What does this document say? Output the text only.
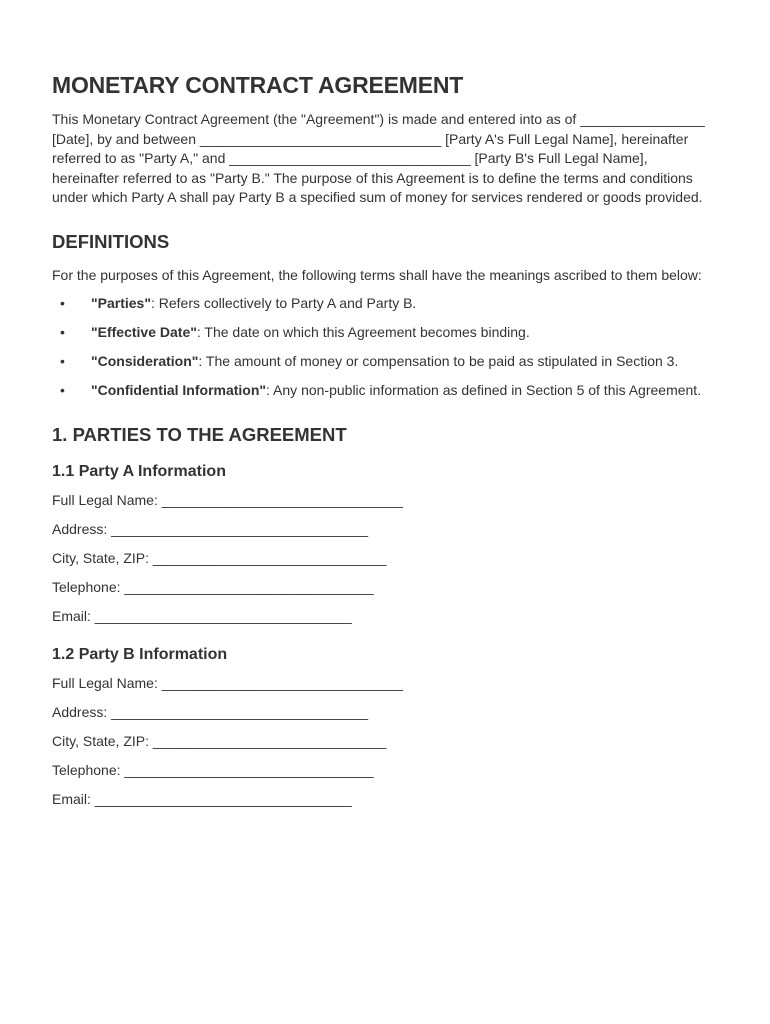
MONETARY CONTRACT AGREEMENT

This Monetary Contract Agreement (the "Agreement") is made and entered into as of ________________ [Date], by and between _______________________________ [Party A's Full Legal Name], hereinafter referred to as "Party A," and _______________________________ [Party B's Full Legal Name], hereinafter referred to as "Party B." The purpose of this Agreement is to define the terms and conditions under which Party A shall pay Party B a specified sum of money for services rendered or goods provided.

DEFINITIONS

For the purposes of this Agreement, the following terms shall have the meanings ascribed to them below:

• "Parties": Refers collectively to Party A and Party B.
• "Effective Date": The date on which this Agreement becomes binding.
• "Consideration": The amount of money or compensation to be paid as stipulated in Section 3.
• "Confidential Information": Any non-public information as defined in Section 5 of this Agreement.
1. PARTIES TO THE AGREEMENT
1.1 Party A Information
Full Legal Name: _______________________________
Address: _________________________________
City, State, ZIP: ______________________________
Telephone: ________________________________
Email: _________________________________
1.2 Party B Information
Full Legal Name: _______________________________
Address: _________________________________
City, State, ZIP: ______________________________
Telephone: ________________________________
Email: _________________________________
